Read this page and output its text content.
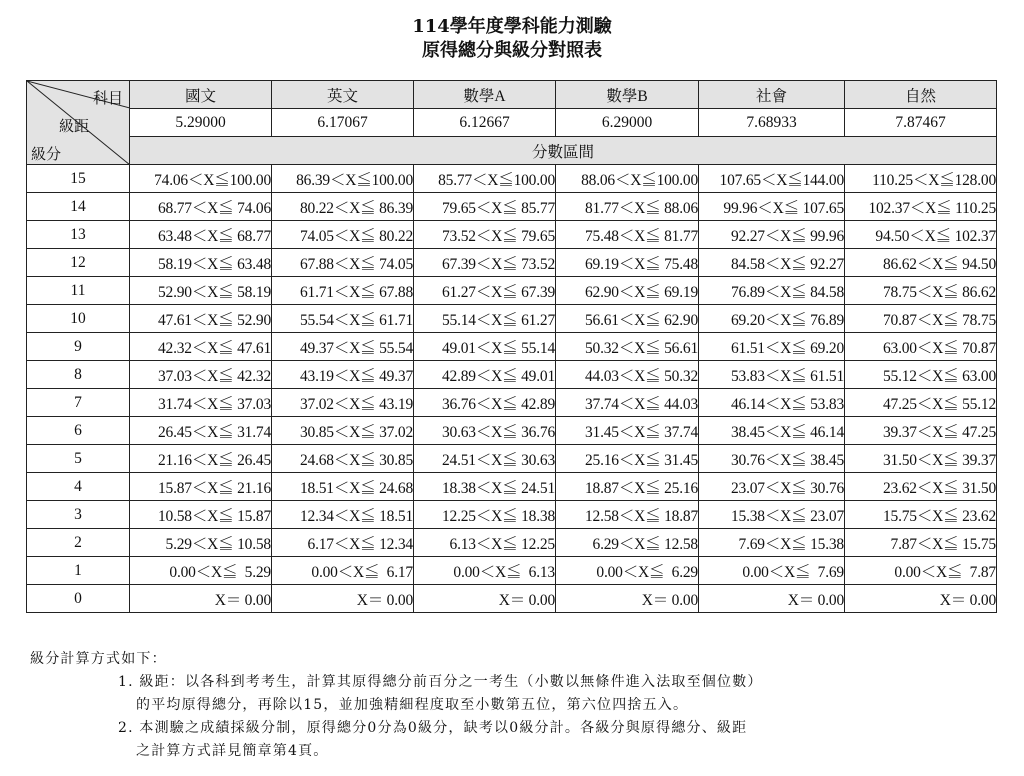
114學年度學科能力測驗
原得總分與級分對照表
科目
級距
級分	國文	英文	數學A	數學B	社會	自然
	5.29000	6.17067	6.12667	6.29000	7.68933	7.87467
	分數區間					
15	74.06＜X≦100.00	86.39＜X≦100.00	85.77＜X≦100.00	88.06＜X≦100.00	107.65＜X≦144.00	110.25＜X≦128.00
14	68.77＜X≦ 74.06	80.22＜X≦ 86.39	79.65＜X≦ 85.77	81.77＜X≦ 88.06	99.96＜X≦ 107.65	102.37＜X≦ 110.25
13	63.48＜X≦ 68.77	74.05＜X≦ 80.22	73.52＜X≦ 79.65	75.48＜X≦ 81.77	92.27＜X≦ 99.96	94.50＜X≦ 102.37
12	58.19＜X≦ 63.48	67.88＜X≦ 74.05	67.39＜X≦ 73.52	69.19＜X≦ 75.48	84.58＜X≦ 92.27	86.62＜X≦ 94.50
11	52.90＜X≦ 58.19	61.71＜X≦ 67.88	61.27＜X≦ 67.39	62.90＜X≦ 69.19	76.89＜X≦ 84.58	78.75＜X≦ 86.62
10	47.61＜X≦ 52.90	55.54＜X≦ 61.71	55.14＜X≦ 61.27	56.61＜X≦ 62.90	69.20＜X≦ 76.89	70.87＜X≦ 78.75
9	42.32＜X≦ 47.61	49.37＜X≦ 55.54	49.01＜X≦ 55.14	50.32＜X≦ 56.61	61.51＜X≦ 69.20	63.00＜X≦ 70.87
8	37.03＜X≦ 42.32	43.19＜X≦ 49.37	42.89＜X≦ 49.01	44.03＜X≦ 50.32	53.83＜X≦ 61.51	55.12＜X≦ 63.00
7	31.74＜X≦ 37.03	37.02＜X≦ 43.19	36.76＜X≦ 42.89	37.74＜X≦ 44.03	46.14＜X≦ 53.83	47.25＜X≦ 55.12
6	26.45＜X≦ 31.74	30.85＜X≦ 37.02	30.63＜X≦ 36.76	31.45＜X≦ 37.74	38.45＜X≦ 46.14	39.37＜X≦ 47.25
5	21.16＜X≦ 26.45	24.68＜X≦ 30.85	24.51＜X≦ 30.63	25.16＜X≦ 31.45	30.76＜X≦ 38.45	31.50＜X≦ 39.37
4	15.87＜X≦ 21.16	18.51＜X≦ 24.68	18.38＜X≦ 24.51	18.87＜X≦ 25.16	23.07＜X≦ 30.76	23.62＜X≦ 31.50
3	10.58＜X≦ 15.87	12.34＜X≦ 18.51	12.25＜X≦ 18.38	12.58＜X≦ 18.87	15.38＜X≦ 23.07	15.75＜X≦ 23.62
2	5.29＜X≦ 10.58	6.17＜X≦ 12.34	6.13＜X≦ 12.25	6.29＜X≦ 12.58	7.69＜X≦ 15.38	7.87＜X≦ 15.75
1	0.00＜X≦  5.29	0.00＜X≦  6.17	0.00＜X≦  6.13	0.00＜X≦  6.29	0.00＜X≦  7.69	0.00＜X≦  7.87
0	X＝ 0.00	X＝ 0.00	X＝ 0.00	X＝ 0.00	X＝ 0.00	X＝ 0.00

級分計算方式如下：

1. 級距：以各科到考考生，計算其原得總分前百分之一考生（小數以無條件進入法取至個位數）

的平均原得總分，再除以15，並加強精細程度取至小數第五位，第六位四捨五入。

2. 本測驗之成績採級分制，原得總分0分為0級分，缺考以0級分計。各級分與原得總分、級距

之計算方式詳見簡章第4頁。
